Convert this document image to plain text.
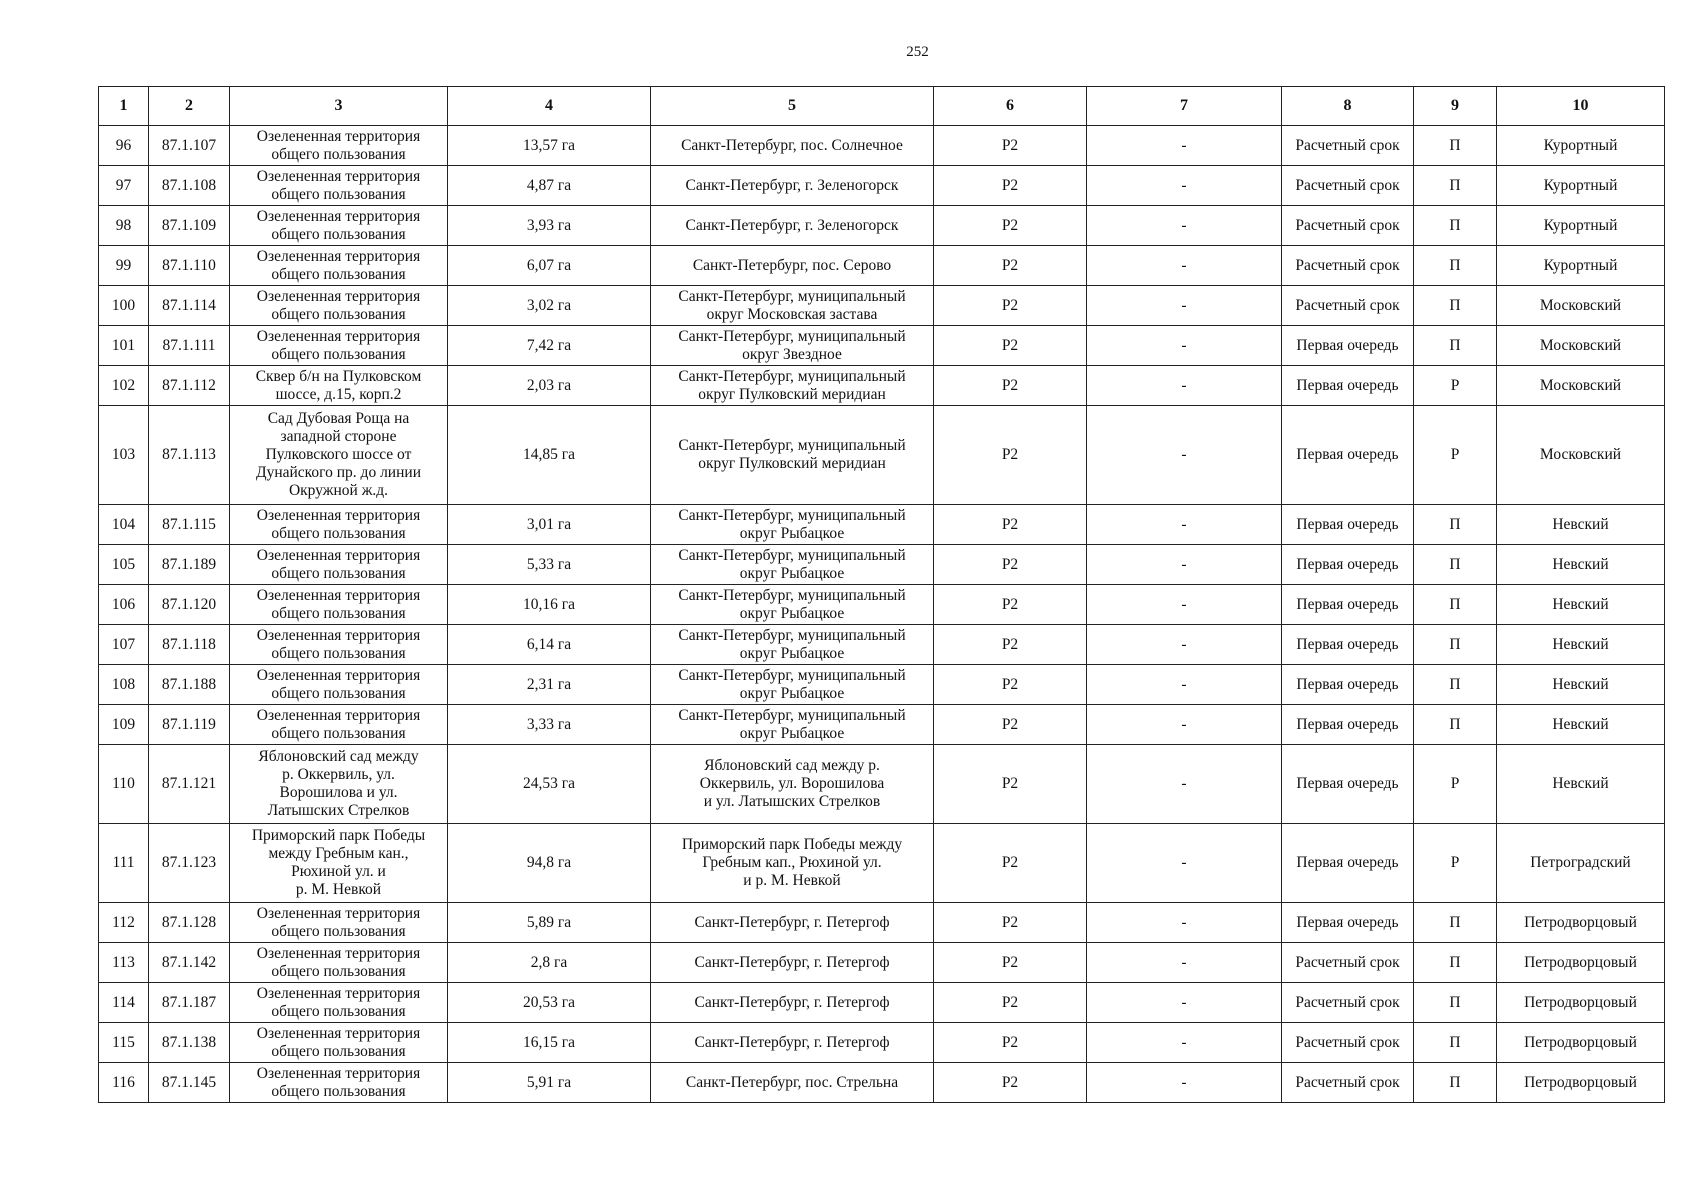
252
1	2	3	4	5	6	7	8	9	10
96	87.1.107	Озелененная территория
общего пользования	13,57 га	Санкт-Петербург, пос. Солнечное	Р2	-	Расчетный срок	П	Курортный
97	87.1.108	Озелененная территория
общего пользования	4,87 га	Санкт-Петербург, г. Зеленогорск	Р2	-	Расчетный срок	П	Курортный
98	87.1.109	Озелененная территория
общего пользования	3,93 га	Санкт-Петербург, г. Зеленогорск	Р2	-	Расчетный срок	П	Курортный
99	87.1.110	Озелененная территория
общего пользования	6,07 га	Санкт-Петербург, пос. Серово	Р2	-	Расчетный срок	П	Курортный
100	87.1.114	Озелененная территория
общего пользования	3,02 га	Санкт-Петербург, муниципальный
округ Московская застава	Р2	-	Расчетный срок	П	Московский
101	87.1.111	Озелененная территория
общего пользования	7,42 га	Санкт-Петербург, муниципальный
округ Звездное	Р2	-	Первая очередь	П	Московский
102	87.1.112	Сквер б/н на Пулковском
шоссе, д.15, корп.2	2,03 га	Санкт-Петербург, муниципальный
округ Пулковский меридиан	Р2	-	Первая очередь	Р	Московский
103	87.1.113	Сад Дубовая Роща на
западной стороне
Пулковского шоссе от
Дунайского пр. до линии
Окружной ж.д.	14,85 га	Санкт-Петербург, муниципальный
округ Пулковский меридиан	Р2	-	Первая очередь	Р	Московский
104	87.1.115	Озелененная территория
общего пользования	3,01 га	Санкт-Петербург, муниципальный
округ Рыбацкое	Р2	-	Первая очередь	П	Невский
105	87.1.189	Озелененная территория
общего пользования	5,33 га	Санкт-Петербург, муниципальный
округ Рыбацкое	Р2	-	Первая очередь	П	Невский
106	87.1.120	Озелененная территория
общего пользования	10,16 га	Санкт-Петербург, муниципальный
округ Рыбацкое	Р2	-	Первая очередь	П	Невский
107	87.1.118	Озелененная территория
общего пользования	6,14 га	Санкт-Петербург, муниципальный
округ Рыбацкое	Р2	-	Первая очередь	П	Невский
108	87.1.188	Озелененная территория
общего пользования	2,31 га	Санкт-Петербург, муниципальный
округ Рыбацкое	Р2	-	Первая очередь	П	Невский
109	87.1.119	Озелененная территория
общего пользования	3,33 га	Санкт-Петербург, муниципальный
округ Рыбацкое	Р2	-	Первая очередь	П	Невский
110	87.1.121	Яблоновский сад между
р. Оккервиль, ул.
Ворошилова и ул.
Латышских Стрелков	24,53 га	Яблоновский сад между р.
Оккервиль, ул. Ворошилова
и ул. Латышских Стрелков	Р2	-	Первая очередь	Р	Невский
111	87.1.123	Приморский парк Победы
между Гребным кан.,
Рюхиной ул. и
р. М. Невкой	94,8 га	Приморский парк Победы между
Гребным кап., Рюхиной ул.
и р. М. Невкой	Р2	-	Первая очередь	Р	Петроградский
112	87.1.128	Озелененная территория
общего пользования	5,89 га	Санкт-Петербург, г. Петергоф	Р2	-	Первая очередь	П	Петродворцовый
113	87.1.142	Озелененная территория
общего пользования	2,8 га	Санкт-Петербург, г. Петергоф	Р2	-	Расчетный срок	П	Петродворцовый
114	87.1.187	Озелененная территория
общего пользования	20,53 га	Санкт-Петербург, г. Петергоф	Р2	-	Расчетный срок	П	Петродворцовый
115	87.1.138	Озелененная территория
общего пользования	16,15 га	Санкт-Петербург, г. Петергоф	Р2	-	Расчетный срок	П	Петродворцовый
116	87.1.145	Озелененная территория
общего пользования	5,91 га	Санкт-Петербург, пос. Стрельна	Р2	-	Расчетный срок	П	Петродворцовый
